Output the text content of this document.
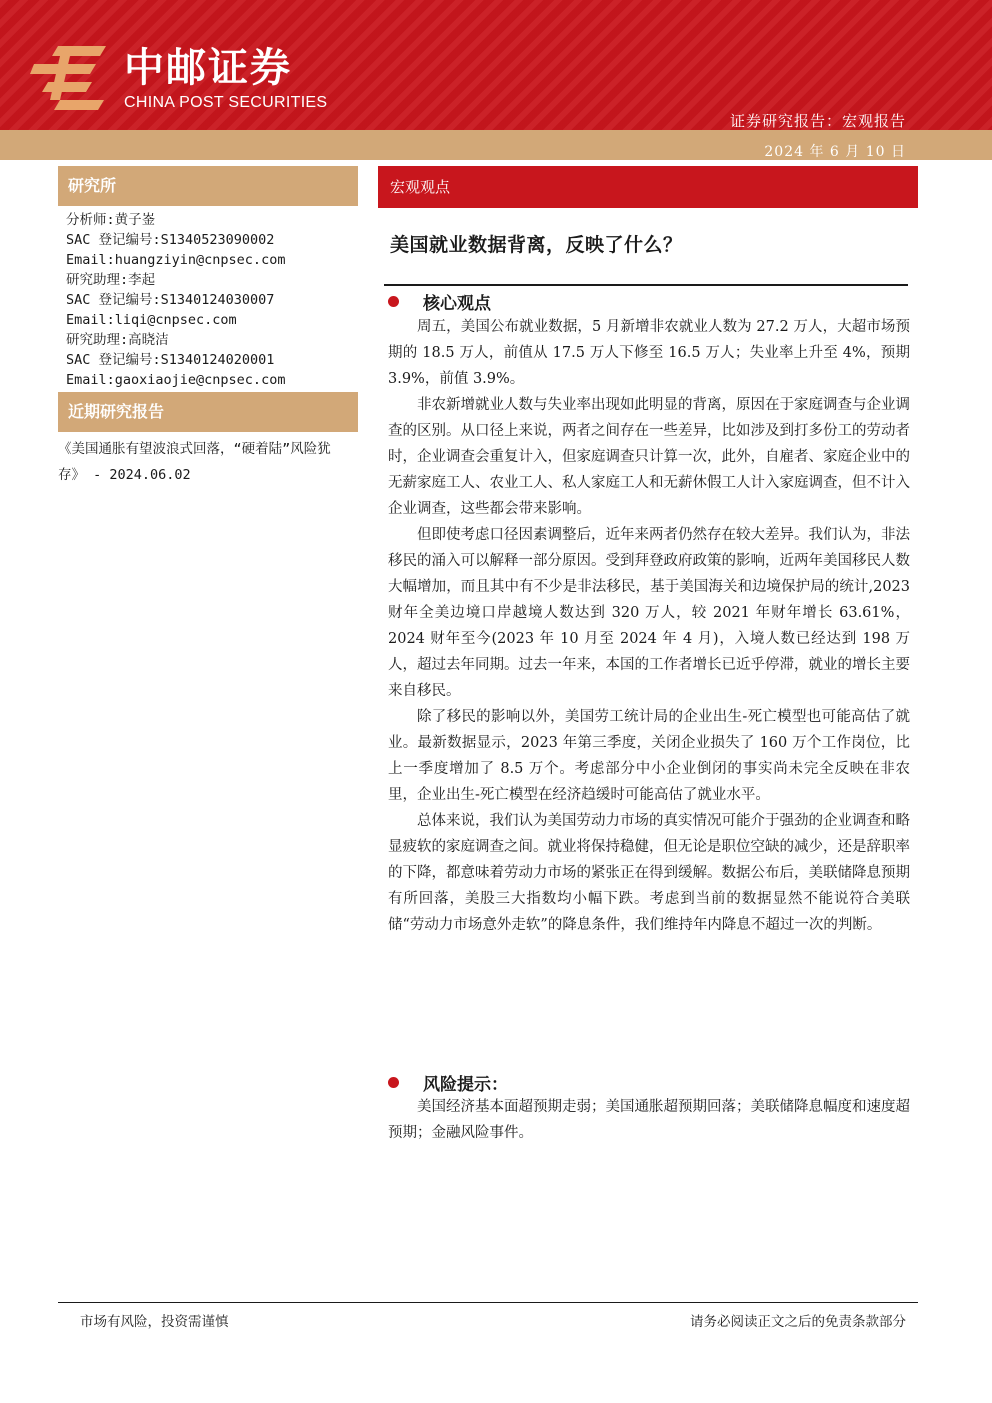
中邮证券
CHINA POST SECURITIES
证券研究报告：宏观报告
2024 年 6 月 10 日
研究所
分析师:黄子崟
SAC 登记编号:S1340523090002
Email:huangziyin@cnpsec.com
研究助理:李起
SAC 登记编号:S1340124030007
Email:liqi@cnpsec.com
研究助理:高晓洁
SAC 登记编号:S1340124020001
Email:gaoxiaojie@cnpsec.com
近期研究报告
《美国通胀有望波浪式回落，“硬着陆”风险犹存》 - 2024.06.02
宏观观点
美国就业数据背离，反映了什么？
核心观点

周五，美国公布就业数据，5 月新增非农就业人数为 27.2 万人，大超市场预期的 18.5 万人，前值从 17.5 万人下修至 16.5 万人；失业率上升至 4%，预期 3.9%，前值 3.9%。

非农新增就业人数与失业率出现如此明显的背离，原因在于家庭调查与企业调查的区别。从口径上来说，两者之间存在一些差异，比如涉及到打多份工的劳动者时，企业调查会重复计入，但家庭调查只计算一次，此外，自雇者、家庭企业中的无薪家庭工人、农业工人、私人家庭工人和无薪休假工人计入家庭调查，但不计入企业调查，这些都会带来影响。

但即使考虑口径因素调整后，近年来两者仍然存在较大差异。我们认为，非法移民的涌入可以解释一部分原因。受到拜登政府政策的影响，近两年美国移民人数大幅增加，而且其中有不少是非法移民，基于美国海关和边境保护局的统计,2023 财年全美边境口岸越境人数达到 320 万人，较 2021 年财年增长 63.61%，2024 财年至今(2023 年 10 月至 2024 年 4 月)，入境人数已经达到 198 万人，超过去年同期。过去一年来，本国的工作者增长已近乎停滞，就业的增长主要来自移民。

除了移民的影响以外，美国劳工统计局的企业出生-死亡模型也可能高估了就业。最新数据显示，2023 年第三季度，关闭企业损失了 160 万个工作岗位，比上一季度增加了 8.5 万个。考虑部分中小企业倒闭的事实尚未完全反映在非农里，企业出生-死亡模型在经济趋缓时可能高估了就业水平。

总体来说，我们认为美国劳动力市场的真实情况可能介于强劲的企业调查和略显疲软的家庭调查之间。就业将保持稳健，但无论是职位空缺的减少，还是辞职率的下降，都意味着劳动力市场的紧张正在得到缓解。数据公布后，美联储降息预期有所回落，美股三大指数均小幅下跌。考虑到当前的数据显然不能说符合美联储“劳动力市场意外走软”的降息条件，我们维持年内降息不超过一次的判断。

风险提示：

美国经济基本面超预期走弱；美国通胀超预期回落；美联储降息幅度和速度超预期；金融风险事件。

市场有风险，投资需谨慎	请务必阅读正文之后的免责条款部分
